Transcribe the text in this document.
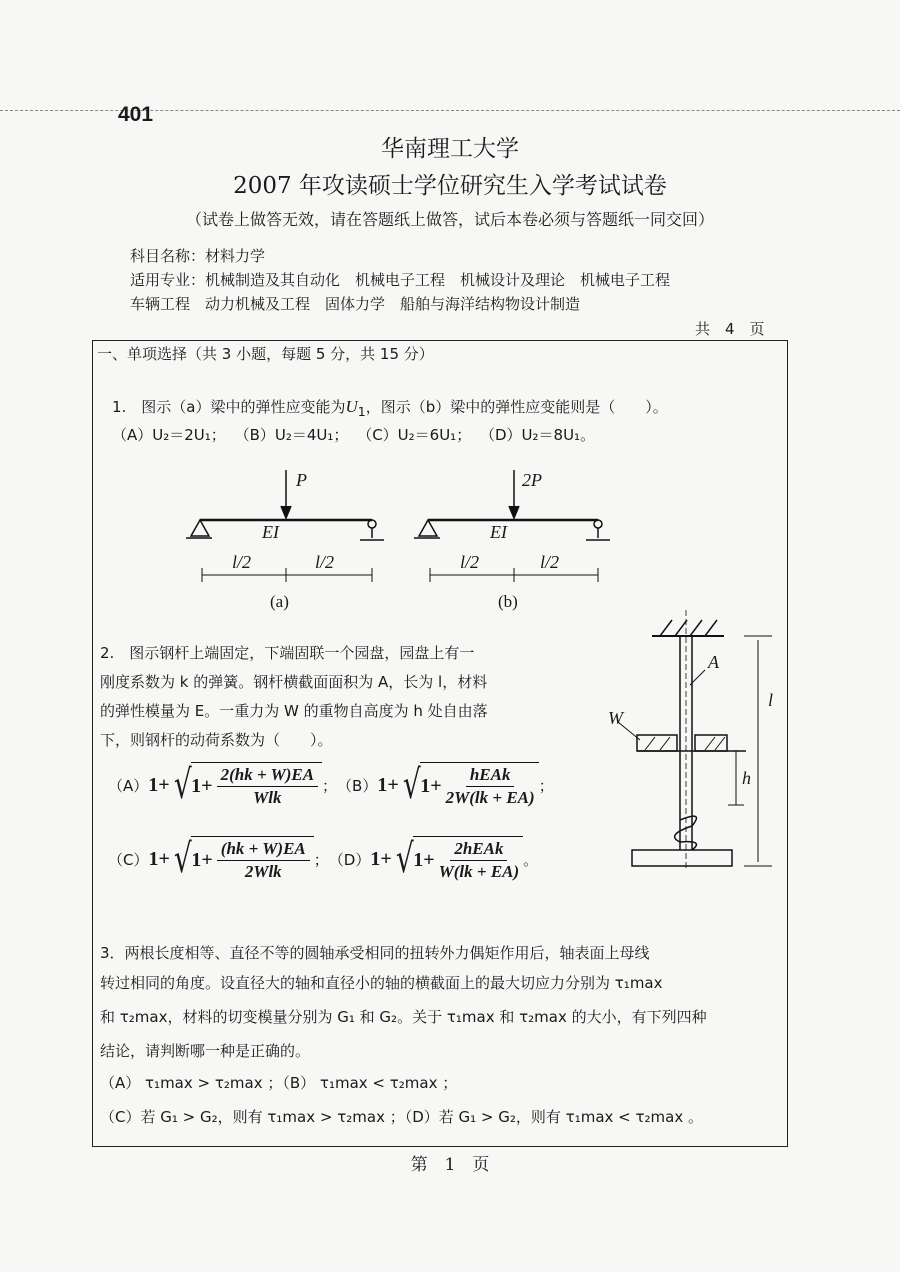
401
华南理工大学
2007 年攻读硕士学位研究生入学考试试卷
（试卷上做答无效，请在答题纸上做答，试后本卷必须与答题纸一同交回）
科目名称：材料力学
适用专业：机械制造及其自动化　机械电子工程　机械设计及理论　机械电子工程
车辆工程　动力机械及工程　固体力学　船舶与海洋结构物设计制造
共　4　页
一、单项选择（共 3 小题，每题 5 分，共 15 分）
1.　图示（a）梁中的弹性应变能为$U_1$，图示（b）梁中的弹性应变能则是（　　）。
（A）U₂＝2U₁； （B）U₂＝4U₁； （C）U₂＝6U₁； （D）U₂＝8U₁。
P
EI
l/2	l/2
(a)
2P
EI
l/2	l/2
(b)
A
l
W
h
2.　图示钢杆上端固定，下端固联一个园盘，园盘上有一
刚度系数为 k 的弹簧。钢杆横截面面积为 A，长为 l，材料
的弹性模量为 E。一重力为 W 的重物自高度为 h 处自由落
下，则钢杆的动荷系数为（　　）。
（A） 1+ √ $1+ \frac{2(hk + W)EA}{\text{Wlk}}$ ； （B） 1+ √ $1+ \frac{\text{hEAk}}{2W(lk + EA)}$ ；
（C） 1+ √ $1+ \frac{(hk + W)EA}{\text{2Wlk}}$ ； （D） 1+ √ $1+ \frac{\text{2hEAk}}{W(lk + EA)}$ 。
3．两根长度相等、直径不等的圆轴承受相同的扭转外力偶矩作用后，轴表面上母线
转过相同的角度。设直径大的轴和直径小的轴的横截面上的最大切应力分别为 τ₁max
和 τ₂max，材料的切变模量分别为 G₁ 和 G₂。关于 τ₁max 和 τ₂max 的大小，有下列四种
结论，请判断哪一种是正确的。
（A） τ₁max > τ₂max ；（B） τ₁max < τ₂max ；
（C）若 G₁ > G₂，则有 τ₁max > τ₂max ；（D）若 G₁ > G₂，则有 τ₁max < τ₂max 。
第　1　页
